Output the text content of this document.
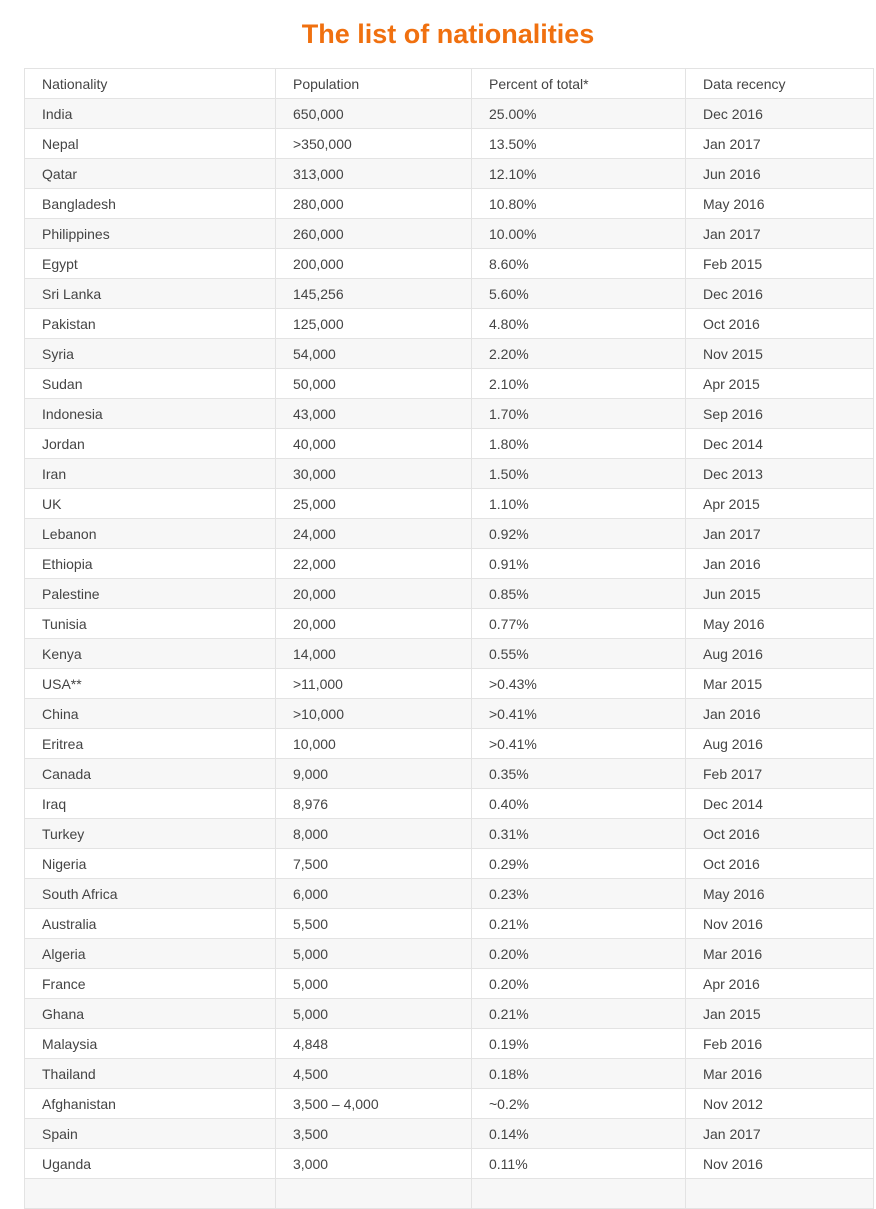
The list of nationalities
Nationality	Population	Percent of total*	Data recency
India	650,000	25.00%	Dec 2016
Nepal	>350,000	13.50%	Jan 2017
Qatar	313,000	12.10%	Jun 2016
Bangladesh	280,000	10.80%	May 2016
Philippines	260,000	10.00%	Jan 2017
Egypt	200,000	8.60%	Feb 2015
Sri Lanka	145,256	5.60%	Dec 2016
Pakistan	125,000	4.80%	Oct 2016
Syria	54,000	2.20%	Nov 2015
Sudan	50,000	2.10%	Apr 2015
Indonesia	43,000	1.70%	Sep 2016
Jordan	40,000	1.80%	Dec 2014
Iran	30,000	1.50%	Dec 2013
UK	25,000	1.10%	Apr 2015
Lebanon	24,000	0.92%	Jan 2017
Ethiopia	22,000	0.91%	Jan 2016
Palestine	20,000	0.85%	Jun 2015
Tunisia	20,000	0.77%	May 2016
Kenya	14,000	0.55%	Aug 2016
USA**	>11,000	>0.43%	Mar 2015
China	>10,000	>0.41%	Jan 2016
Eritrea	10,000	>0.41%	Aug 2016
Canada	9,000	0.35%	Feb 2017
Iraq	8,976	0.40%	Dec 2014
Turkey	8,000	0.31%	Oct 2016
Nigeria	7,500	0.29%	Oct 2016
South Africa	6,000	0.23%	May 2016
Australia	5,500	0.21%	Nov 2016
Algeria	5,000	0.20%	Mar 2016
France	5,000	0.20%	Apr 2016
Ghana	5,000	0.21%	Jan 2015
Malaysia	4,848	0.19%	Feb 2016
Thailand	4,500	0.18%	Mar 2016
Afghanistan	3,500 – 4,000	~0.2%	Nov 2012
Spain	3,500	0.14%	Jan 2017
Uganda	3,000	0.11%	Nov 2016
